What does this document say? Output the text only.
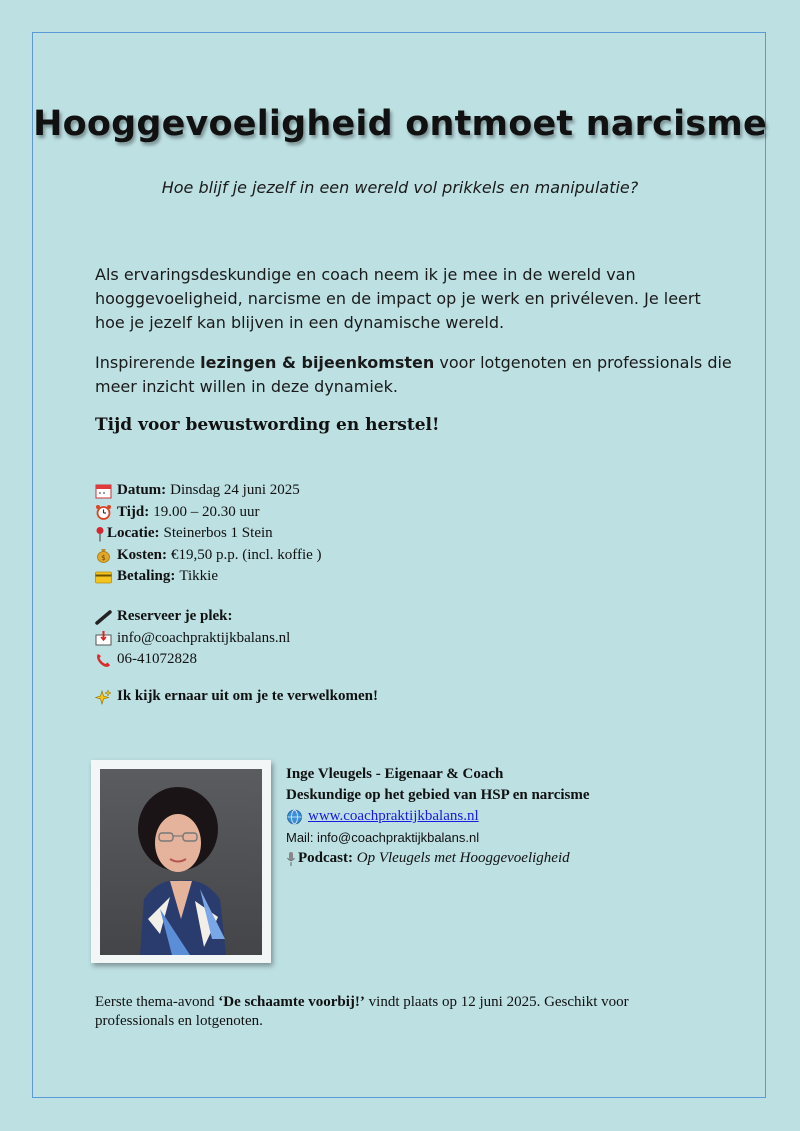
Hooggevoeligheid ontmoet narcisme
Hoe blijf je jezelf in een wereld vol prikkels en manipulatie?
Als ervaringsdeskundige en coach neem ik je mee in de wereld van hooggevoeligheid, narcisme en de impact op je werk en privéleven. Je leert hoe je jezelf kan blijven in een dynamische wereld.
Inspirerende lezingen & bijeenkomsten voor lotgenoten en professionals die meer inzicht willen in deze dynamiek.
Tijd voor bewustwording en herstel!
Datum: Dinsdag 24 juni 2025
Tijd: 19.00 – 20.30 uur
Locatie: Steinerbos 1 Stein
$ Kosten: €19,50 p.p. (incl. koffie )
Betaling: Tikkie
Reserveer je plek:
info@coachpraktijkbalans.nl
06-41072828
Ik kijk ernaar uit om je te verwelkomen!
Inge Vleugels - Eigenaar & Coach
Deskundige op het gebied van HSP en narcisme
www.coachpraktijkbalans.nl
Mail: info@coachpraktijkbalans.nl
Podcast:
Op Vleugels met Hooggevoeligheid
Eerste thema-avond ‘De schaamte voorbij!’ vindt plaats op 12 juni 2025. Geschikt voor professionals en lotgenoten.
